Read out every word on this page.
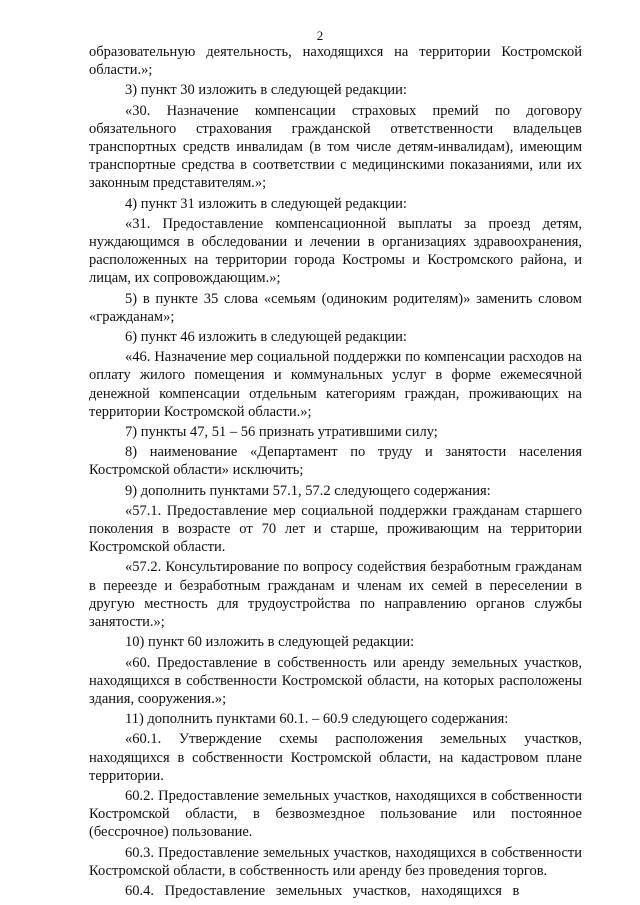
2

образовательную деятельность, находящихся на территории Костромской области.»;

3) пункт 30 изложить в следующей редакции:

«30. Назначение компенсации страховых премий по договору обязательного страхования гражданской ответственности владельцев транспортных средств инвалидам (в том числе детям-инвалидам), имеющим транспортные средства в соответствии с медицинскими показаниями, или их законным представителям.»;

4) пункт 31 изложить в следующей редакции:

«31. Предоставление компенсационной выплаты за проезд детям, нуждающимся в обследовании и лечении в организациях здравоохранения, расположенных на территории города Костромы и Костромского района, и лицам, их сопровождающим.»;

5) в пункте 35 слова «семьям (одиноким родителям)» заменить словом «гражданам»;

6) пункт 46 изложить в следующей редакции:

«46. Назначение мер социальной поддержки по компенсации расходов на оплату жилого помещения и коммунальных услуг в форме ежемесячной денежной компенсации отдельным категориям граждан, проживающих на территории Костромской области.»;

7) пункты 47, 51 – 56 признать утратившими силу;

8) наименование «Департамент по труду и занятости населения Костромской области» исключить;

9) дополнить пунктами 57.1, 57.2 следующего содержания:

«57.1. Предоставление мер социальной поддержки гражданам старшего поколения в возрасте от 70 лет и старше, проживающим на территории Костромской области.

«57.2. Консультирование по вопросу содействия безработным гражданам в переезде и безработным гражданам и членам их семей в переселении в другую местность для трудоустройства по направлению органов службы занятости.»;

10) пункт 60 изложить в следующей редакции:

«60. Предоставление в собственность или аренду земельных участков, находящихся в собственности Костромской области, на которых расположены здания, сооружения.»;

11) дополнить пунктами 60.1. – 60.9 следующего содержания:

«60.1. Утверждение схемы расположения земельных участков, находящихся в собственности Костромской области, на кадастровом плане территории.

60.2. Предоставление земельных участков, находящихся в собственности Костромской области, в безвозмездное пользование или постоянное (бессрочное) пользование.

60.3. Предоставление земельных участков, находящихся в собственности Костромской области, в собственность или аренду без проведения торгов.

60.4. Предоставление земельных участков, находящихся в
